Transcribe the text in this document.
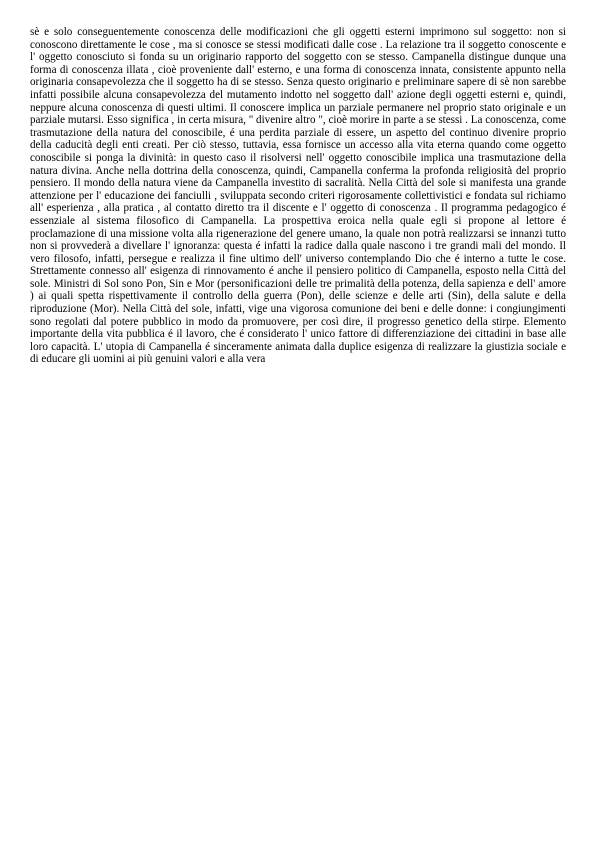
sè e solo conseguentemente conoscenza delle modificazioni che gli oggetti esterni imprimono sul soggetto: non si conoscono direttamente le cose , ma si conosce se stessi modificati dalle cose . La relazione tra il soggetto conoscente e l' oggetto conosciuto si fonda su un originario rapporto del soggetto con se stesso. Campanella distingue dunque una forma di conoscenza illata , cioè proveniente dall' esterno, e una forma di conoscenza innata, consistente appunto nella originaria consapevolezza che il soggetto ha di se stesso. Senza questo originario e preliminare sapere di sè non sarebbe infatti possibile alcuna consapevolezza del mutamento indotto nel soggetto dall' azione degli oggetti esterni e, quindi, neppure alcuna conoscenza di questi ultimi. Il conoscere implica un parziale permanere nel proprio stato originale e un parziale mutarsi. Esso significa , in certa misura, " divenire altro ", cioè morire in parte a se stessi . La conoscenza, come trasmutazione della natura del conoscibile, é una perdita parziale di essere, un aspetto del continuo divenire proprio della caducità degli enti creati. Per ciò stesso, tuttavia, essa fornisce un accesso alla vita eterna quando come oggetto conoscibile si ponga la divinità: in questo caso il risolversi nell' oggetto conoscibile implica una trasmutazione della natura divina. Anche nella dottrina della conoscenza, quindi, Campanella conferma la profonda religiosità del proprio pensiero. Il mondo della natura viene da Campanella investito di sacralità. Nella Città del sole si manifesta una grande attenzione per l' educazione dei fanciulli , sviluppata secondo criteri rigorosamente collettivistici e fondata sul richiamo all' esperienza , alla pratica , al contatto diretto tra il discente e l' oggetto di conoscenza . Il programma pedagogico é essenziale al sistema filosofico di Campanella. La prospettiva eroica nella quale egli si propone al lettore é proclamazione di una missione volta alla rigenerazione del genere umano, la quale non potrà realizzarsi se innanzi tutto non si provvederà a divellare l' ignoranza: questa é infatti la radice dalla quale nascono i tre grandi mali del mondo. Il vero filosofo, infatti, persegue e realizza il fine ultimo dell' universo contemplando Dio che é interno a tutte le cose. Strettamente connesso all' esigenza di rinnovamento é anche il pensiero politico di Campanella, esposto nella Città del sole. Ministri di Sol sono Pon, Sin e Mor (personificazioni delle tre primalità della potenza, della sapienza e dell' amore ) ai quali spetta rispettivamente il controllo della guerra (Pon), delle scienze e delle arti (Sin), della salute e della riproduzione (Mor). Nella Città del sole, infatti, vige una vigorosa comunione dei beni e delle donne: i congiungimenti sono regolati dal potere pubblico in modo da promuovere, per così dire, il progresso genetico della stirpe. Elemento importante della vita pubblica é il lavoro, che é considerato l' unico fattore di differenziazione dei cittadini in base alle loro capacità. L' utopia di Campanella é sinceramente animata dalla duplice esigenza di realizzare la giustizia sociale e di educare gli uomini ai più genuini valori e alla vera
